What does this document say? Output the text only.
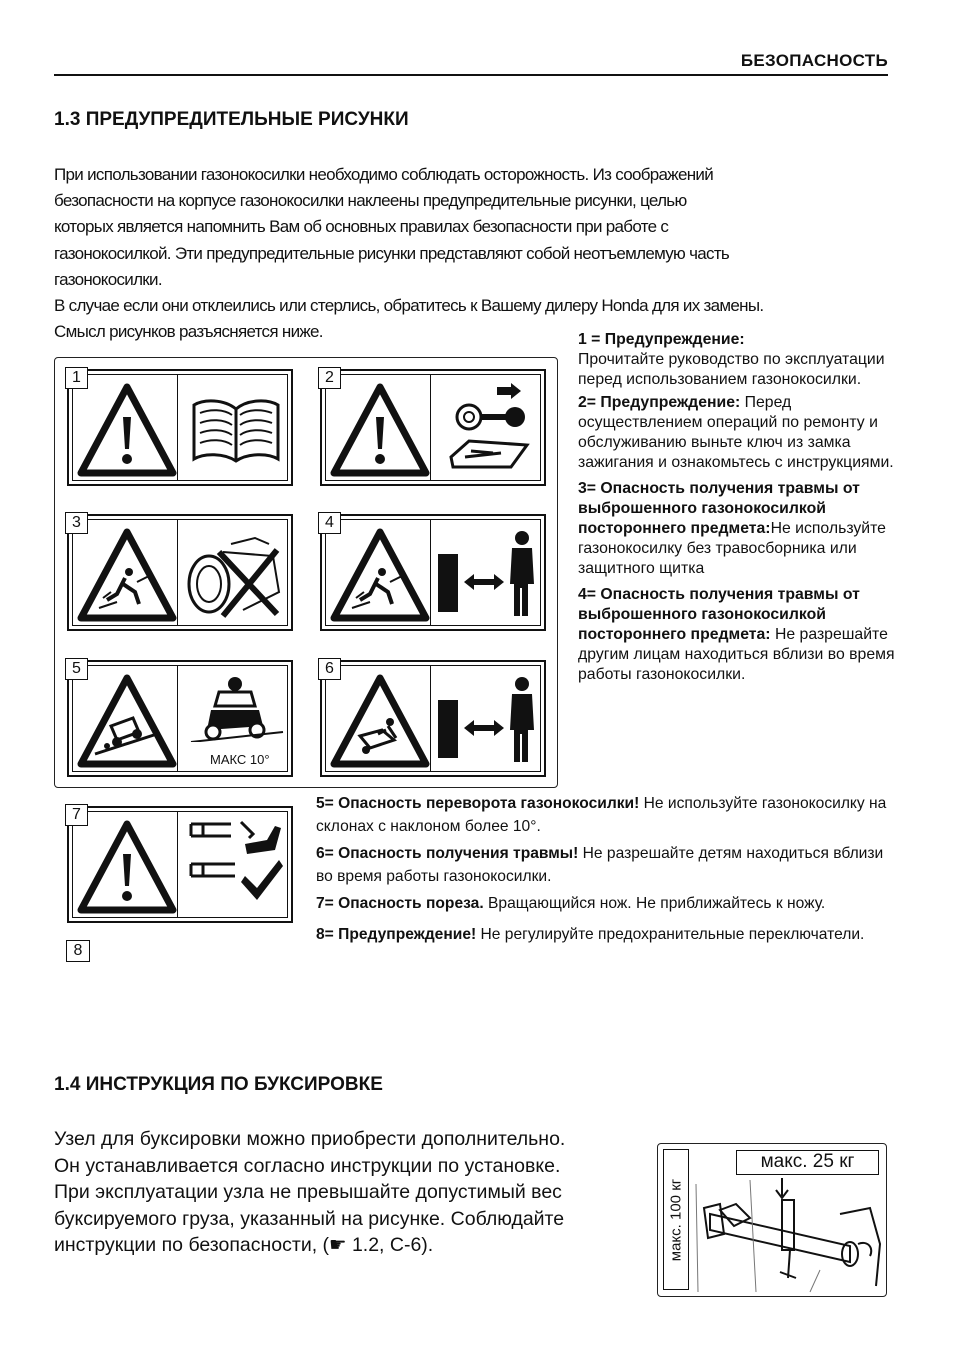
БЕЗОПАСНОСТЬ
1.3 ПРЕДУПРЕДИТЕЛЬНЫЕ РИСУНКИ

При использовании газонокосилки необходимо соблюдать осторожность. Из соображений

безопасности на корпусе газонокосилки наклеены предупредительные рисунки, целью

которых является напомнить Вам об основных правилах безопасности при работе с

газонокосилкой. Эти предупредительные рисунки представляют собой неотъемлемую часть

газонокосилки.

В случае если они отклеились или стерлись, обратитесь к Вашему дилеру Honda для их замены.

Смысл рисунков разъясняется ниже.

1	2
3	4
5
МАКС 10°
6
7
8
1 = Предупреждение:
Прочитайте руководство по эксплуатации перед использованием газонокосилки.
2= Предупреждение: Перед осуществлением операций по ремонту и обслуживанию выньте ключ из замка зажигания и ознакомьтесь с инструкциями.
3= Опасность получения травмы от выброшенного газонокосилкой постороннего предмета:Не используйте газонокосилку без травосборника или защитного щитка
4= Опасность получения травмы от выброшенного газонокосилкой постороннего предмета: Не разрешайте другим лицам находиться вблизи во время работы газонокосилки.
5= Опасность переворота газонокосилки! Не используйте газонокосилку на склонах с наклоном более 10°.
6= Опасность получения травмы! Не разрешайте детям находиться вблизи во время работы газонокосилки.
7= Опасность пореза. Вращающийся нож. Не приближайтесь к ножу.
8= Предупреждение! Не регулируйте предохранительные переключатели.
1.4 ИНСТРУКЦИЯ ПО БУКСИРОВКЕ

Узел для буксировки можно приобрести дополнительно.

Он устанавливается согласно инструкции по установке.

При эксплуатации узла не превышайте допустимый вес

буксируемого груза, указанный на рисунке. Соблюдайте

инструкции по безопасности, (☛ 1.2, C-6).	макс. 100 кг
макс. 25 кг
